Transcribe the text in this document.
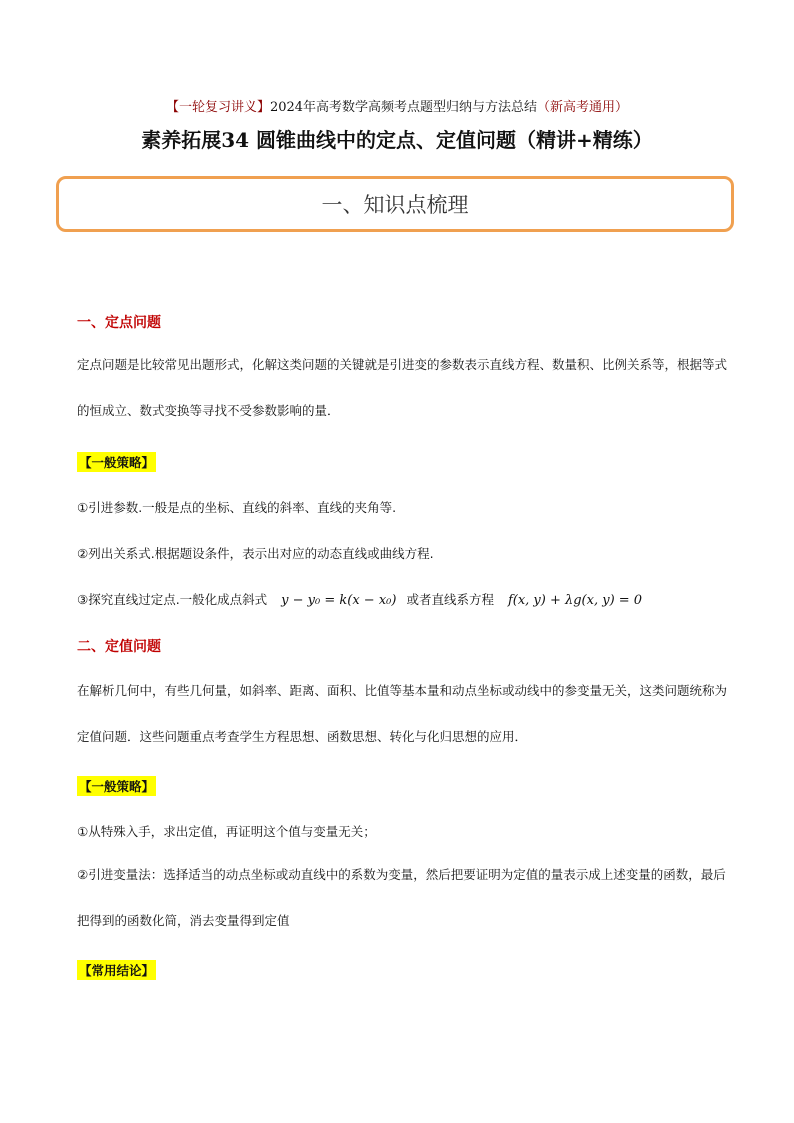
【一轮复习讲义】2024年高考数学高频考点题型归纳与方法总结（新高考通用）
素养拓展34 圆锥曲线中的定点、定值问题（精讲+精练）
一、知识点梳理
一、定点问题
定点问题是比较常见出题形式，化解这类问题的关键就是引进变的参数表示直线方程、数量积、比例关系等，根据等式的恒成立、数式变换等寻找不受参数影响的量．
【一般策略】
①引进参数.一般是点的坐标、直线的斜率、直线的夹角等.
②列出关系式.根据题设条件，表示出对应的动态直线或曲线方程.
③探究直线过定点.一般化成点斜式 y − y₀ = k(x − x₀) 或者直线系方程 f(x, y) + λg(x, y) = 0
二、定值问题
在解析几何中，有些几何量，如斜率、距离、面积、比值等基本量和动点坐标或动线中的参变量无关，这类问题统称为定值问题．这些问题重点考查学生方程思想、函数思想、转化与化归思想的应用．
【一般策略】
①从特殊入手，求出定值，再证明这个值与变量无关；
②引进变量法：选择适当的动点坐标或动直线中的系数为变量，然后把要证明为定值的量表示成上述变量的函数，最后把得到的函数化简，消去变量得到定值
【常用结论】
